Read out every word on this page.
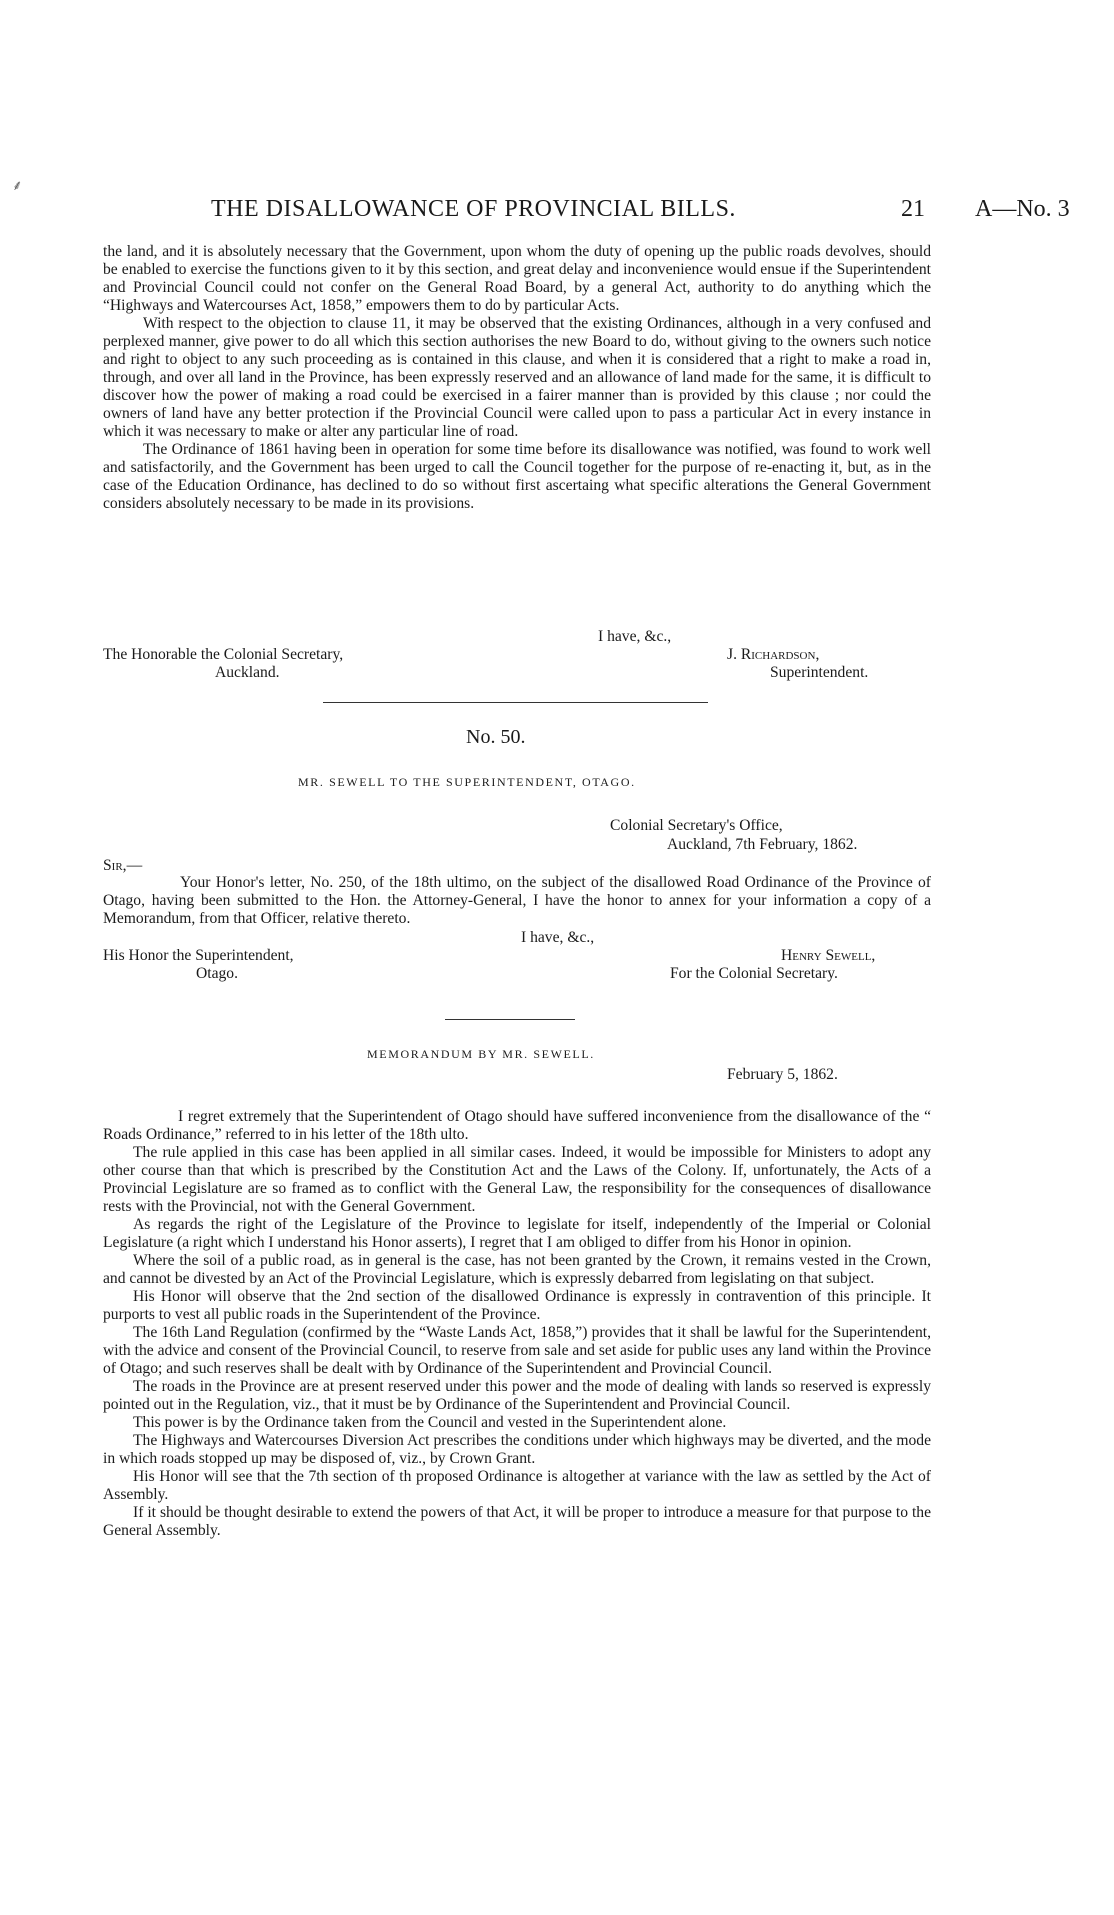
⸙
THE DISALLOWANCE OF PROVINCIAL BILLS.	21 A—No. 3

the land, and it is absolutely necessary that the Government, upon whom the duty of opening up the public roads devolves, should be enabled to exercise the functions given to it by this section, and great delay and inconvenience would ensue if the Superintendent and Provincial Council could not confer on the General Road Board, by a general Act, authority to do anything which the “Highways and Watercourses Act, 1858,” empowers them to do by particular Acts.

With respect to the objection to clause 11, it may be observed that the existing Ordinances, although in a very confused and perplexed manner, give power to do all which this section authorises the new Board to do, without giving to the owners such notice and right to object to any such proceeding as is contained in this clause, and when it is considered that a right to make a road in, through, and over all land in the Province, has been expressly reserved and an allowance of land made for the same, it is difficult to discover how the power of making a road could be exercised in a fairer manner than is provided by this clause ; nor could the owners of land have any better protection if the Provincial Council were called upon to pass a particular Act in every instance in which it was necessary to make or alter any particular line of road.

The Ordinance of 1861 having been in operation for some time before its disallowance was notified, was found to work well and satisfactorily, and the Government has been urged to call the Council together for the purpose of re-enacting it, but, as in the case of the Education Ordinance, has declined to do so without first ascertaing what specific alterations the General Government considers absolutely necessary to be made in its provisions.

I have, &c.,
The Honorable the Colonial Secretary,	J. Richardson,
Auckland.	Superintendent.
No. 50.
MR. SEWELL TO THE SUPERINTENDENT, OTAGO.
Colonial Secretary's Office,
Auckland, 7th February, 1862.
Sir,—

Your Honor's letter, No. 250, of the 18th ultimo, on the subject of the disallowed Road Ordinance of the Province of Otago, having been submitted to the Hon. the Attorney-General, I have the honor to annex for your information a copy of a Memorandum, from that Officer, relative thereto.

I have, &c.,
His Honor the Superintendent,	Henry Sewell,
Otago.	For the Colonial Secretary.
MEMORANDUM BY MR. SEWELL.
February 5, 1862.

I regret extremely that the Superintendent of Otago should have suffered inconvenience from the disallowance of the “ Roads Ordinance,” referred to in his letter of the 18th ulto.

The rule applied in this case has been applied in all similar cases. Indeed, it would be impossible for Ministers to adopt any other course than that which is prescribed by the Constitution Act and the Laws of the Colony. If, unfortunately, the Acts of a Provincial Legislature are so framed as to conflict with the General Law, the responsibility for the consequences of disallowance rests with the Provincial, not with the General Government.

As regards the right of the Legislature of the Province to legislate for itself, independently of the Imperial or Colonial Legislature (a right which I understand his Honor asserts), I regret that I am obliged to differ from his Honor in opinion.

Where the soil of a public road, as in general is the case, has not been granted by the Crown, it remains vested in the Crown, and cannot be divested by an Act of the Provincial Legislature, which is expressly debarred from legislating on that subject.

His Honor will observe that the 2nd section of the disallowed Ordinance is expressly in contravention of this principle. It purports to vest all public roads in the Superintendent of the Province.

The 16th Land Regulation (confirmed by the “Waste Lands Act, 1858,”) provides that it shall be lawful for the Superintendent, with the advice and consent of the Provincial Council, to reserve from sale and set aside for public uses any land within the Province of Otago; and such reserves shall be dealt with by Ordinance of the Superintendent and Provincial Council.

The roads in the Province are at present reserved under this power and the mode of dealing with lands so reserved is expressly pointed out in the Regulation, viz., that it must be by Ordinance of the Superintendent and Provincial Council.

This power is by the Ordinance taken from the Council and vested in the Superintendent alone.

The Highways and Watercourses Diversion Act prescribes the conditions under which highways may be diverted, and the mode in which roads stopped up may be disposed of, viz., by Crown Grant.

His Honor will see that the 7th section of th proposed Ordinance is altogether at variance with the law as settled by the Act of Assembly.

If it should be thought desirable to extend the powers of that Act, it will be proper to introduce a measure for that purpose to the General Assembly.
